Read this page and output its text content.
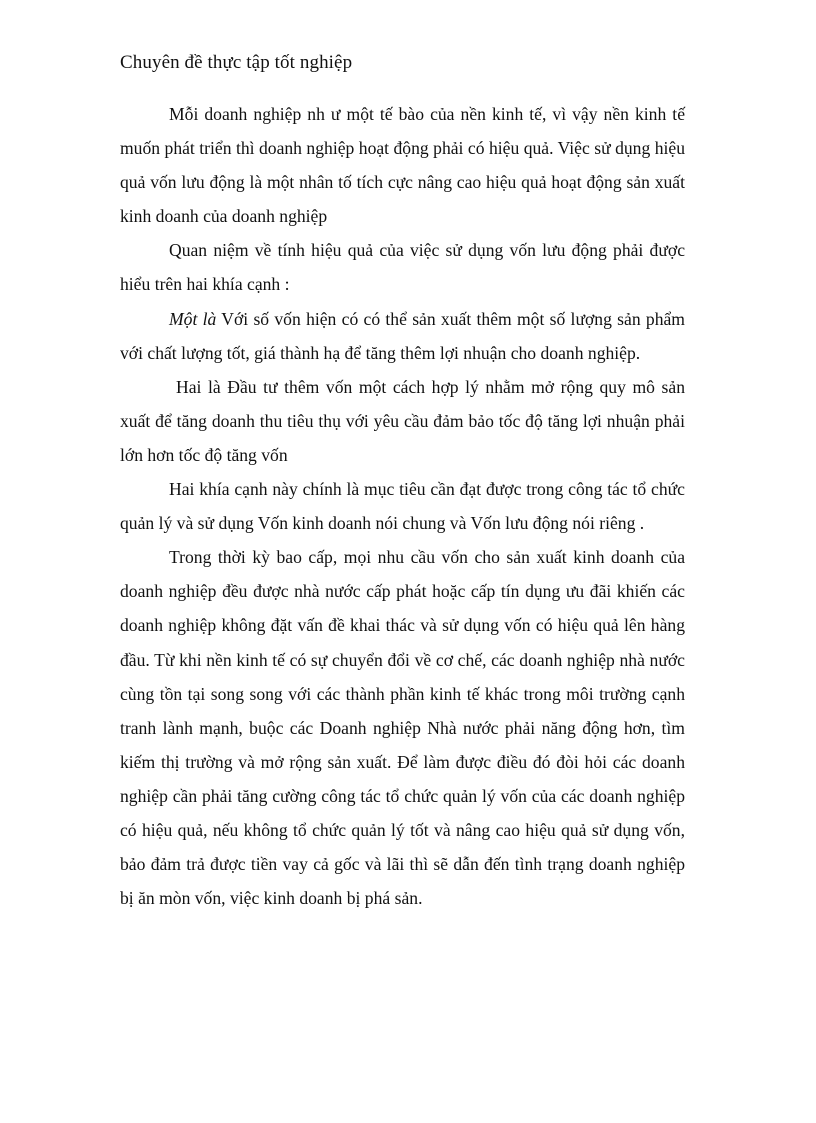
Chuyên đề thực tập tốt nghiệp

Mỗi doanh nghiệp nh ư một tế bào của nền kinh tế, vì vậy nền kinh tế muốn phát triển thì doanh nghiệp hoạt động phải có hiệu quả. Việc sử dụng hiệu quả vốn lưu động là một nhân tố tích cực nâng cao hiệu quả hoạt động sản xuất kinh doanh của doanh nghiệp

Quan niệm về tính hiệu quả của việc sử dụng vốn lưu động phải được hiểu trên hai khía cạnh :

Một là Với số vốn hiện có có thể sản xuất thêm một số lượng sản phẩm với chất lượng tốt, giá thành hạ để tăng thêm lợi nhuận cho doanh nghiệp.

Hai là Đầu tư thêm vốn một cách hợp lý nhằm mở rộng quy mô sản xuất để tăng doanh thu tiêu thụ với yêu cầu đảm bảo tốc độ tăng lợi nhuận phải lớn hơn tốc độ tăng vốn

Hai khía cạnh này chính là mục tiêu cần đạt được trong công tác tổ chức quản lý và sử dụng Vốn kinh doanh nói chung và Vốn lưu động nói riêng .

Trong thời kỳ bao cấp, mọi nhu cầu vốn cho sản xuất kinh doanh của doanh nghiệp đều được nhà nước cấp phát hoặc cấp tín dụng ưu đãi khiến các doanh nghiệp không đặt vấn đề khai thác và sử dụng vốn có hiệu quả lên hàng đầu. Từ khi nền kinh tế có sự chuyển đổi về cơ chế, các doanh nghiệp nhà nước cùng tồn tại song song với các thành phần kinh tế khác trong môi trường cạnh tranh lành mạnh, buộc các Doanh nghiệp Nhà nước phải năng động hơn, tìm kiếm thị trường và mở rộng sản xuất. Để làm được điều đó đòi hỏi các doanh nghiệp cần phải tăng cường công tác tổ chức quản lý vốn của các doanh nghiệp có hiệu quả, nếu không tổ chức quản lý tốt và nâng cao hiệu quả sử dụng vốn, bảo đảm trả được tiền vay cả gốc và lãi thì sẽ dẫn đến tình trạng doanh nghiệp bị ăn mòn vốn, việc kinh doanh bị phá sản.
